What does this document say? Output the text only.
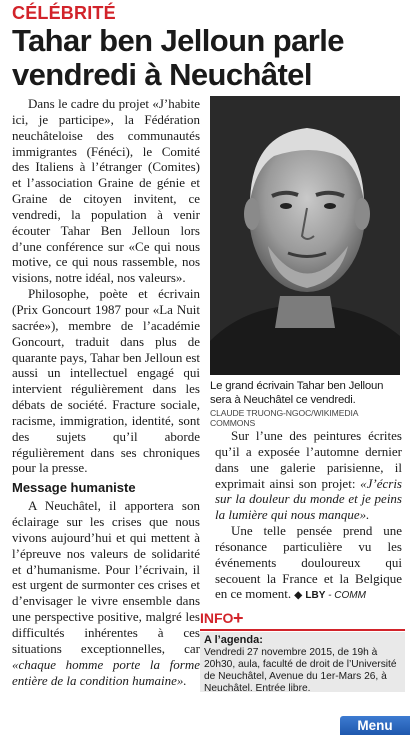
CÉLÉBRITÉ
Tahar ben Jelloun parle vendredi à Neuchâtel

Dans le cadre du projet «J’habite ici, je participe», la Fédération neuchâteloise des communautés immigrantes (Fénéci), le Comité des Italiens à l’étranger (Comites) et l’association Graine de génie et Graine de citoyen invitent, ce vendredi, la population à venir écouter Tahar Ben Jelloun lors d’une conférence sur «Ce qui nous motive, ce qui nous rassemble, nos visions, notre idéal, nos valeurs».

Philosophe, poète et écrivain (Prix Goncourt 1987 pour «La Nuit sacrée»), membre de l’académie Goncourt, traduit dans plus de quarante pays, Tahar ben Jelloun est aussi un intellectuel engagé qui intervient régulièrement dans les débats de société. Fracture sociale, racisme, immigration, identité, sont des sujets qu’il aborde régulièrement dans ses chroniques pour la presse.

Message humaniste

A Neuchâtel, il apportera son éclairage sur les crises que nous vivons aujourd’hui et qui mettent à l’épreuve nos valeurs de solidarité et d’humanisme. Pour l’écrivain, il est urgent de surmonter ces crises et d’envisager le vivre ensemble dans une perspective positive, malgré les difficultés inhérentes à ces situations exceptionnelles, car «chaque homme porte la forme entière de la condition humaine».

Le grand écrivain Tahar ben Jelloun sera à Neuchâtel ce vendredi.
CLAUDE TRUONG-NGOC/WIKIMEDIA COMMONS

Sur l’une des peintures écrites qu’il a exposée l’automne dernier dans une galerie parisienne, il exprimait ainsi son projet: «J’écris sur la douleur du monde et je peins la lumière qui nous manque».

Une telle pensée prend une résonance particulière vu les événements douloureux qui secouent la France et la Belgique en ce moment. ◆ LBY - COMM

INFO +
A l’agenda:
Vendredi 27 novembre 2015, de 19h à 20h30, aula, faculté de droit de l’Université de Neuchâtel, Avenue du 1er-Mars 26, à Neuchâtel. Entrée libre.
Menu
